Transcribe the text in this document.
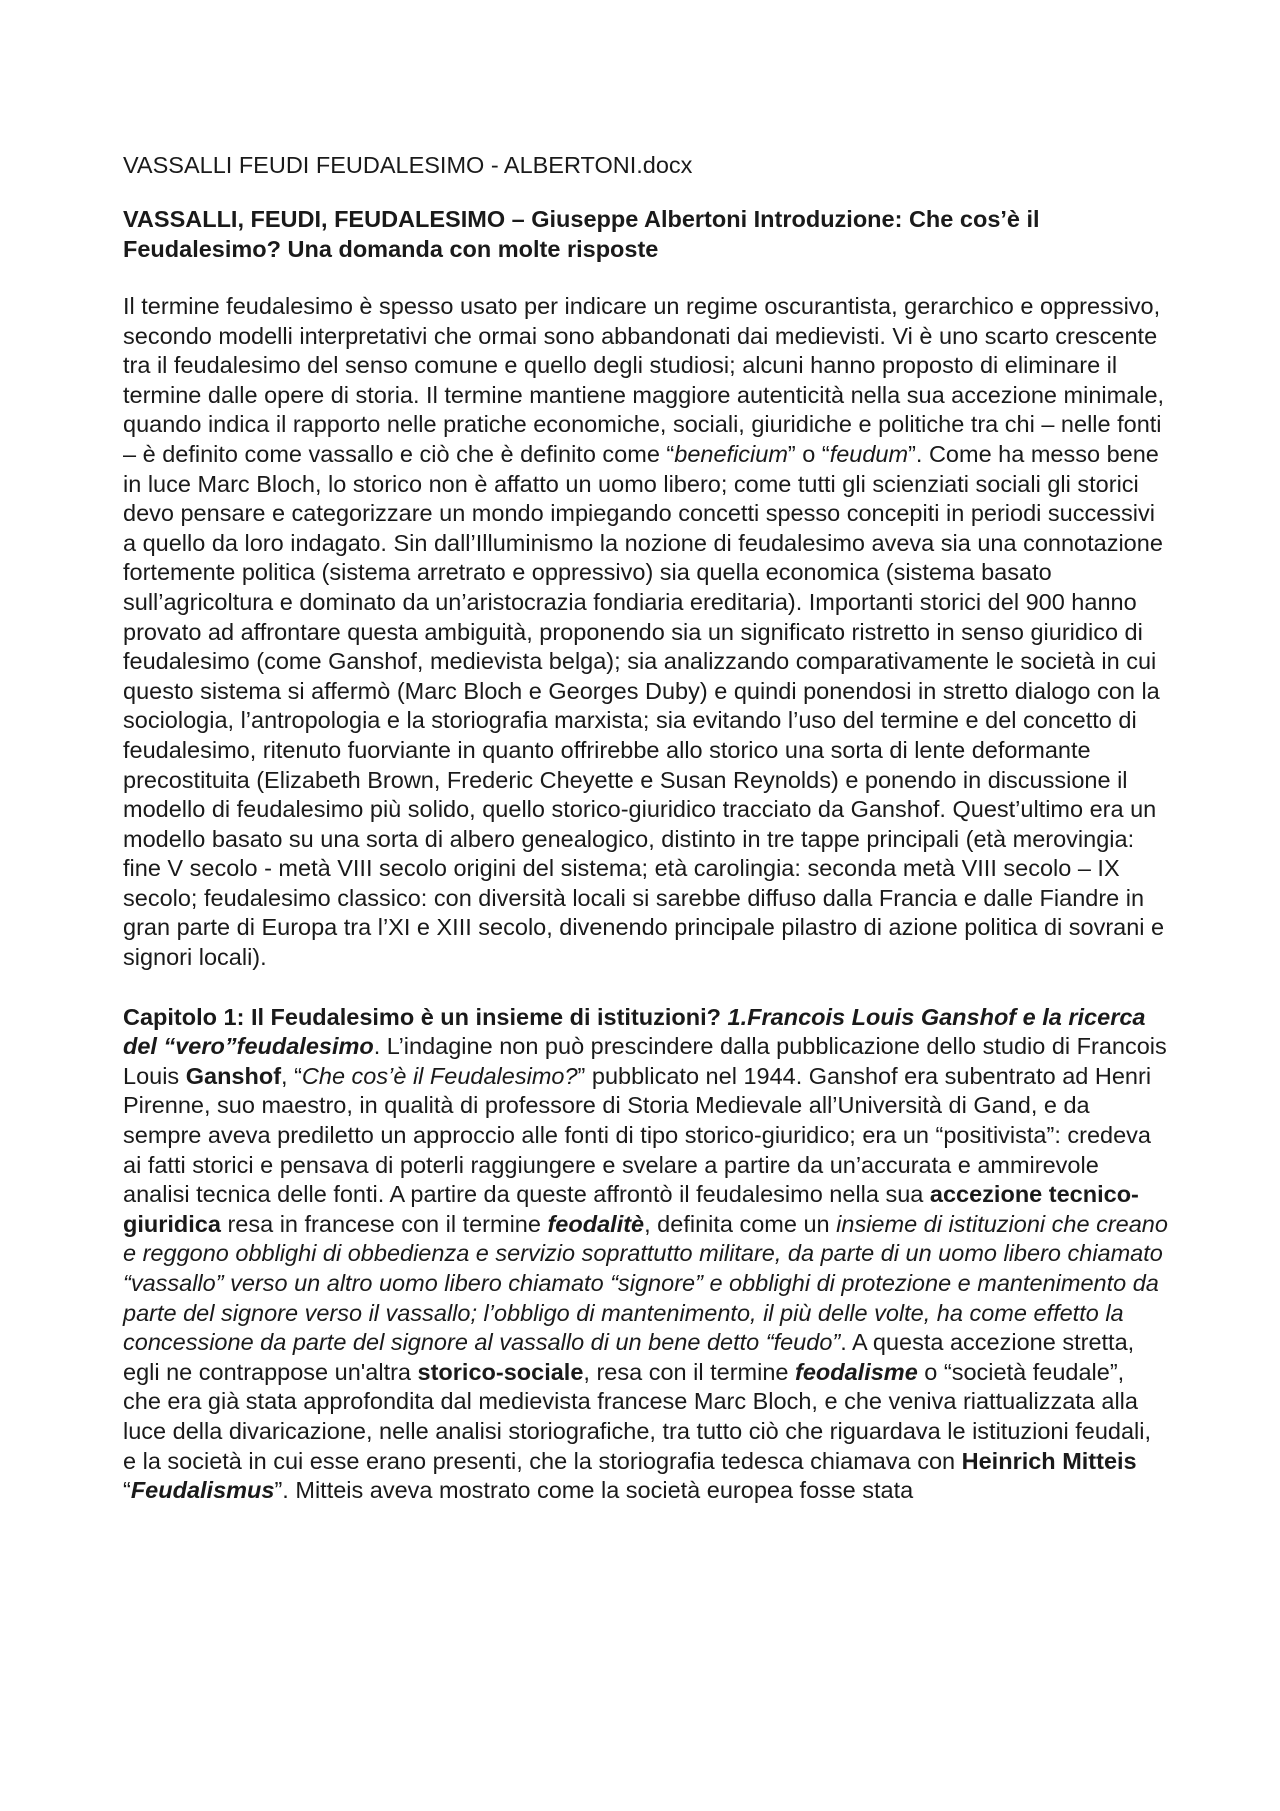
VASSALLI FEUDI FEUDALESIMO - ALBERTONI.docx
VASSALLI, FEUDI, FEUDALESIMO – Giuseppe Albertoni Introduzione: Che cos’è il Feudalesimo? Una domanda con molte risposte

Il termine feudalesimo è spesso usato per indicare un regime oscurantista, gerarchico e oppressivo, secondo modelli interpretativi che ormai sono abbandonati dai medievisti. Vi è uno scarto crescente tra il feudalesimo del senso comune e quello degli studiosi; alcuni hanno proposto di eliminare il termine dalle opere di storia. Il termine mantiene maggiore autenticità nella sua accezione minimale, quando indica il rapporto nelle pratiche economiche, sociali, giuridiche e politiche tra chi – nelle fonti – è definito come vassallo e ciò che è definito come “beneficium” o “feudum”. Come ha messo bene in luce Marc Bloch, lo storico non è affatto un uomo libero; come tutti gli scienziati sociali gli storici devo pensare e categorizzare un mondo impiegando concetti spesso concepiti in periodi successivi a quello da loro indagato. Sin dall’Illuminismo la nozione di feudalesimo aveva sia una connotazione fortemente politica (sistema arretrato e oppressivo) sia quella economica (sistema basato sull’agricoltura e dominato da un’aristocrazia fondiaria ereditaria). Importanti storici del 900 hanno provato ad affrontare questa ambiguità, proponendo sia un significato ristretto in senso giuridico di feudalesimo (come Ganshof, medievista belga); sia analizzando comparativamente le società in cui questo sistema si affermò (Marc Bloch e Georges Duby) e quindi ponendosi in stretto dialogo con la sociologia, l’antropologia e la storiografia marxista; sia evitando l’uso del termine e del concetto di feudalesimo, ritenuto fuorviante in quanto offrirebbe allo storico una sorta di lente deformante precostituita (Elizabeth Brown, Frederic Cheyette e Susan Reynolds) e ponendo in discussione il modello di feudalesimo più solido, quello storico-giuridico tracciato da Ganshof. Quest’ultimo era un modello basato su una sorta di albero genealogico, distinto in tre tappe principali (età merovingia: fine V secolo - metà VIII secolo origini del sistema; età carolingia: seconda metà VIII secolo – IX secolo; feudalesimo classico: con diversità locali si sarebbe diffuso dalla Francia e dalle Fiandre in gran parte di Europa tra l’XI e XIII secolo, divenendo principale pilastro di azione politica di sovrani e signori locali).

Capitolo 1: Il Feudalesimo è un insieme di istituzioni? 1.Francois Louis Ganshof e la ricerca del “vero”feudalesimo. L’indagine non può prescindere dalla pubblicazione dello studio di Francois Louis Ganshof, “Che cos’è il Feudalesimo?” pubblicato nel 1944. Ganshof era subentrato ad Henri Pirenne, suo maestro, in qualità di professore di Storia Medievale all’Università di Gand, e da sempre aveva prediletto un approccio alle fonti di tipo storico-giuridico; era un “positivista”: credeva ai fatti storici e pensava di poterli raggiungere e svelare a partire da un’accurata e ammirevole analisi tecnica delle fonti. A partire da queste affrontò il feudalesimo nella sua accezione tecnico-giuridica resa in francese con il termine feodalitè, definita come un insieme di istituzioni che creano e reggono obblighi di obbedienza e servizio soprattutto militare, da parte di un uomo libero chiamato “vassallo” verso un altro uomo libero chiamato “signore” e obblighi di protezione e mantenimento da parte del signore verso il vassallo; l’obbligo di mantenimento, il più delle volte, ha come effetto la concessione da parte del signore al vassallo di un bene detto “feudo”. A questa accezione stretta, egli ne contrappose un'altra storico-sociale, resa con il termine feodalisme o “società feudale”, che era già stata approfondita dal medievista francese Marc Bloch, e che veniva riattualizzata alla luce della divaricazione, nelle analisi storiografiche, tra tutto ciò che riguardava le istituzioni feudali, e la società in cui esse erano presenti, che la storiografia tedesca chiamava con Heinrich Mitteis “Feudalismus”. Mitteis aveva mostrato come la società europea fosse stata
